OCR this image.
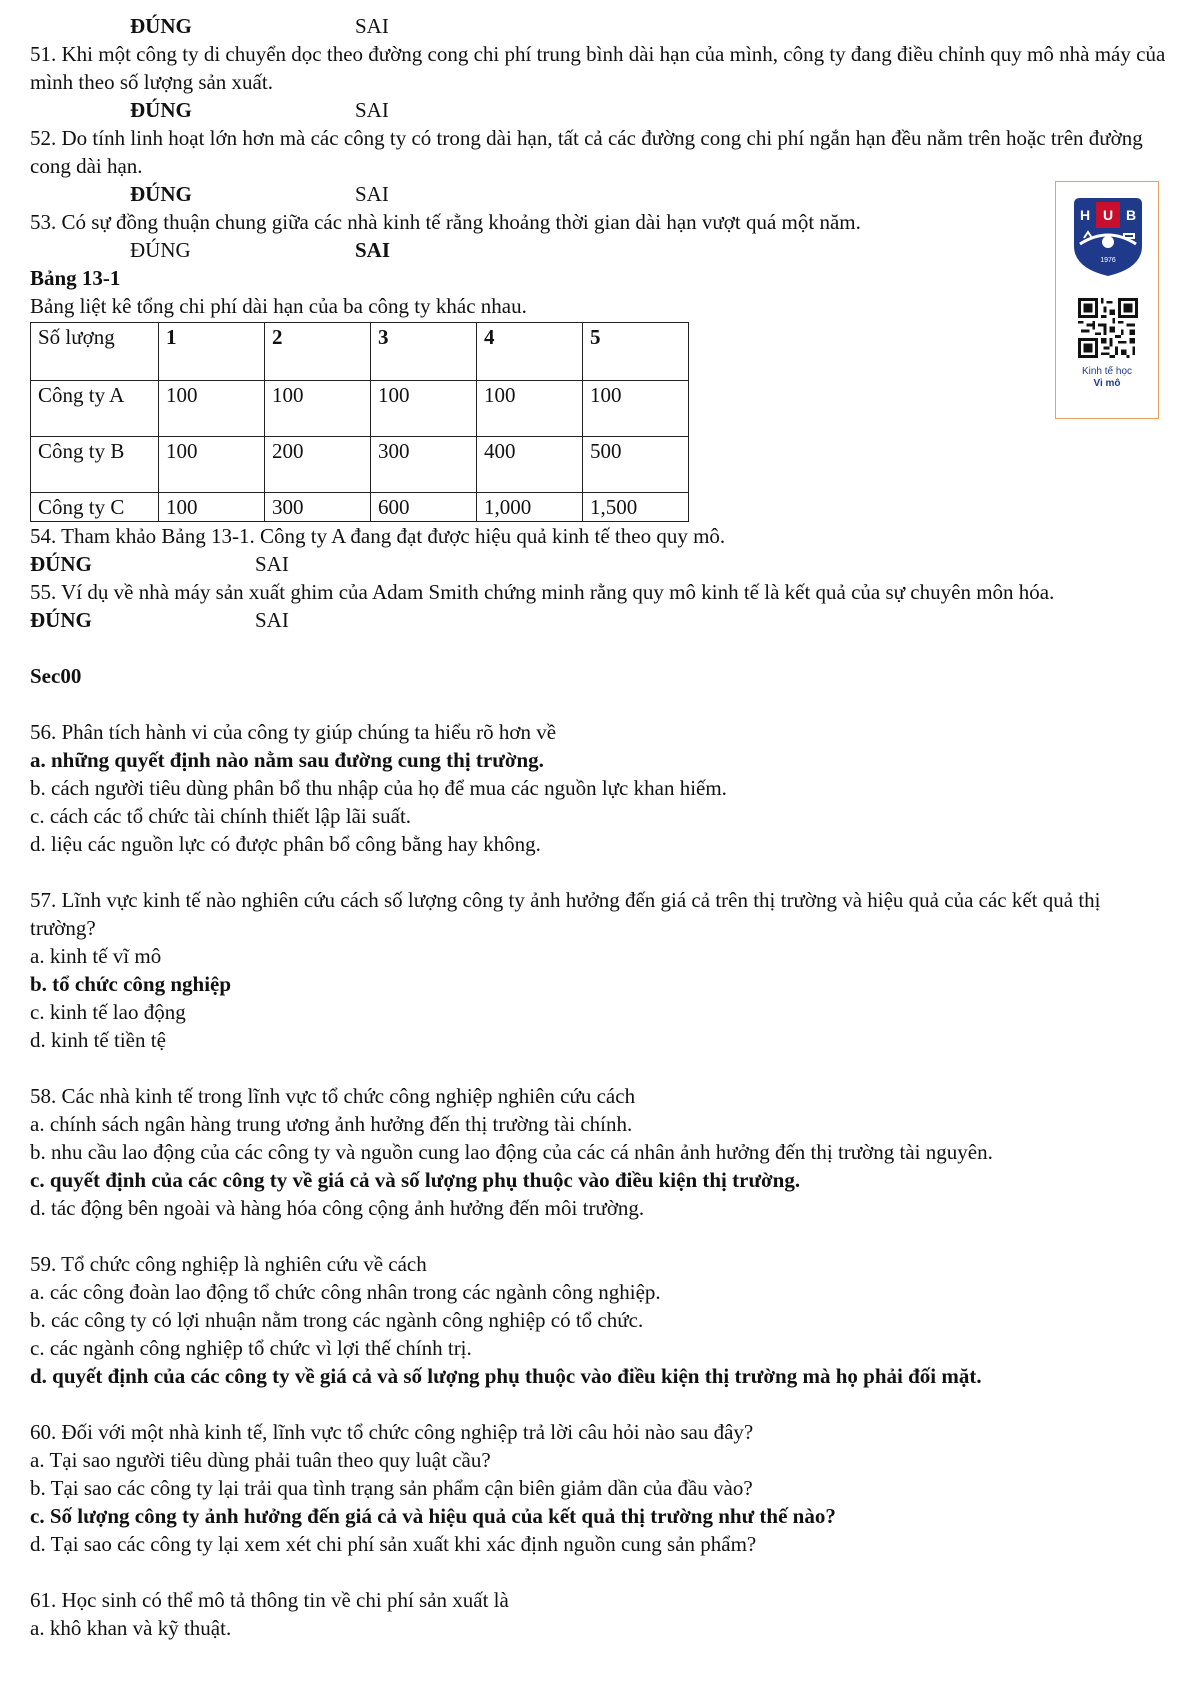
ĐÚNG	SAI

51. Khi một công ty di chuyển dọc theo đường cong chi phí trung bình dài hạn của mình, công ty đang điều chỉnh quy mô nhà máy của mình theo số lượng sản xuất.

ĐÚNG	SAI

52. Do tính linh hoạt lớn hơn mà các công ty có trong dài hạn, tất cả các đường cong chi phí ngắn hạn đều nằm trên hoặc trên đường cong dài hạn.

ĐÚNG	SAI

53. Có sự đồng thuận chung giữa các nhà kinh tế rằng khoảng thời gian dài hạn vượt quá một năm.

ĐÚNG	SAI

Bảng 13-1

Bảng liệt kê tổng chi phí dài hạn của ba công ty khác nhau.

Số lượng	1	2	3	4	5
Công ty A	100	100	100	100	100
Công ty B	100	200	300	400	500
Công ty C	100	300	600	1,000	1,500

54. Tham khảo Bảng 13-1. Công ty A đang đạt được hiệu quả kinh tế theo quy mô.

ĐÚNG	SAI

55. Ví dụ về nhà máy sản xuất ghim của Adam Smith chứng minh rằng quy mô kinh tế là kết quả của sự chuyên môn hóa.

ĐÚNG	SAI

Sec00

56. Phân tích hành vi của công ty giúp chúng ta hiểu rõ hơn về

a. những quyết định nào nằm sau đường cung thị trường.

b. cách người tiêu dùng phân bổ thu nhập của họ để mua các nguồn lực khan hiếm.

c. cách các tổ chức tài chính thiết lập lãi suất.

d. liệu các nguồn lực có được phân bổ công bằng hay không.

57. Lĩnh vực kinh tế nào nghiên cứu cách số lượng công ty ảnh hưởng đến giá cả trên thị trường và hiệu quả của các kết quả thị trường?

a. kinh tế vĩ mô

b. tổ chức công nghiệp

c. kinh tế lao động

d. kinh tế tiền tệ

58. Các nhà kinh tế trong lĩnh vực tổ chức công nghiệp nghiên cứu cách

a. chính sách ngân hàng trung ương ảnh hưởng đến thị trường tài chính.

b. nhu cầu lao động của các công ty và nguồn cung lao động của các cá nhân ảnh hưởng đến thị trường tài nguyên.

c. quyết định của các công ty về giá cả và số lượng phụ thuộc vào điều kiện thị trường.

d. tác động bên ngoài và hàng hóa công cộng ảnh hưởng đến môi trường.

59. Tổ chức công nghiệp là nghiên cứu về cách

a. các công đoàn lao động tổ chức công nhân trong các ngành công nghiệp.

b. các công ty có lợi nhuận nằm trong các ngành công nghiệp có tổ chức.

c. các ngành công nghiệp tổ chức vì lợi thế chính trị.

d. quyết định của các công ty về giá cả và số lượng phụ thuộc vào điều kiện thị trường mà họ phải đối mặt.

60. Đối với một nhà kinh tế, lĩnh vực tổ chức công nghiệp trả lời câu hỏi nào sau đây?

a. Tại sao người tiêu dùng phải tuân theo quy luật cầu?

b. Tại sao các công ty lại trải qua tình trạng sản phẩm cận biên giảm dần của đầu vào?

c. Số lượng công ty ảnh hưởng đến giá cả và hiệu quả của kết quả thị trường như thế nào?

d. Tại sao các công ty lại xem xét chi phí sản xuất khi xác định nguồn cung sản phẩm?

61. Học sinh có thể mô tả thông tin về chi phí sản xuất là

a. khô khan và kỹ thuật.

H U B
1976
Kinh tế học
Vi mô
